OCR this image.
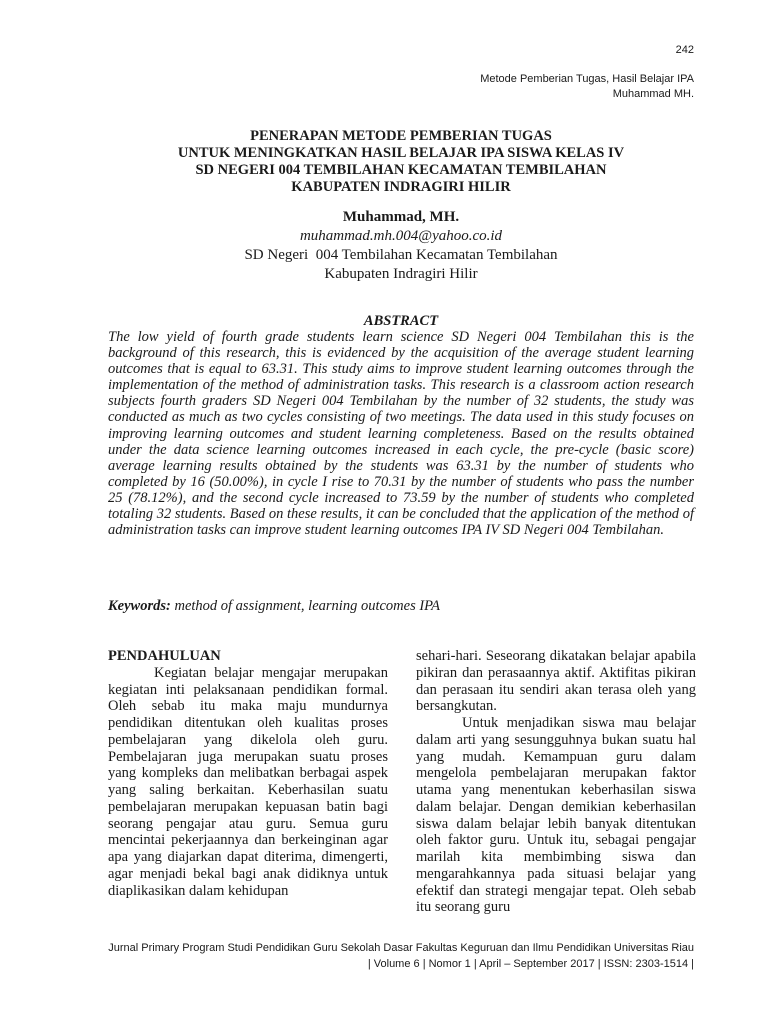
242
Metode Pemberian Tugas, Hasil Belajar IPA
Muhammad MH.
PENERAPAN METODE PEMBERIAN TUGAS
UNTUK MENINGKATKAN HASIL BELAJAR IPA SISWA KELAS IV
SD NEGERI 004 TEMBILAHAN KECAMATAN TEMBILAHAN
KABUPATEN INDRAGIRI HILIR
Muhammad, MH.
muhammad.mh.004@yahoo.co.id
SD Negeri  004 Tembilahan Kecamatan Tembilahan
Kabupaten Indragiri Hilir
ABSTRACT

The low yield of fourth grade students learn science SD Negeri 004 Tembilahan this is the background of this research, this is evidenced by the acquisition of the average student learning outcomes that is equal to 63.31. This study aims to improve student learning outcomes through the implementation of the method of administration tasks. This research is a classroom action research subjects fourth graders SD Negeri 004 Tembilahan by the number of 32 students, the study was conducted as much as two cycles consisting of two meetings. The data used in this study focuses on improving learning outcomes and student learning completeness. Based on the results obtained under the data science learning outcomes increased in each cycle, the pre-cycle (basic score) average learning results obtained by the students was 63.31 by the number of students who completed by 16 (50.00%), in cycle I rise to 70.31 by the number of students who pass the number 25 (78.12%), and the second cycle increased to 73.59 by the number of students who completed totaling 32 students. Based on these results, it can be concluded that the application of the method of administration tasks can improve student learning outcomes IPA IV SD Negeri 004 Tembilahan.

Keywords: method of assignment, learning outcomes IPA

PENDAHULUAN

Kegiatan belajar mengajar merupakan kegiatan inti pelaksanaan pendidikan formal. Oleh sebab itu maka maju mundurnya pendidikan ditentukan oleh kualitas proses pembelajaran yang dikelola oleh guru. Pembelajaran juga merupakan suatu proses yang kompleks dan melibatkan berbagai aspek yang saling berkaitan. Keberhasilan suatu pembelajaran merupakan kepuasan batin bagi seorang pengajar atau guru. Semua guru mencintai pekerjaannya dan berkeinginan agar apa yang diajarkan dapat diterima, dimengerti, agar menjadi bekal bagi anak didiknya untuk diaplikasikan dalam kehidupan

sehari-hari. Seseorang dikatakan belajar apabila pikiran dan perasaannya aktif. Aktifitas pikiran dan perasaan itu sendiri akan terasa oleh yang bersangkutan.

Untuk menjadikan siswa mau belajar dalam arti yang sesungguhnya bukan suatu hal yang mudah. Kemampuan guru dalam mengelola pembelajaran merupakan faktor utama yang menentukan keberhasilan siswa dalam belajar. Dengan demikian keberhasilan siswa dalam belajar lebih banyak ditentukan oleh faktor guru. Untuk itu, sebagai pengajar marilah kita membimbing siswa dan mengarahkannya pada situasi belajar yang efektif dan strategi mengajar tepat. Oleh sebab itu seorang guru

Jurnal Primary Program Studi Pendidikan Guru Sekolah Dasar Fakultas Keguruan dan Ilmu Pendidikan Universitas Riau
| Volume 6 | Nomor 1 | April – September 2017 | ISSN: 2303-1514 |
